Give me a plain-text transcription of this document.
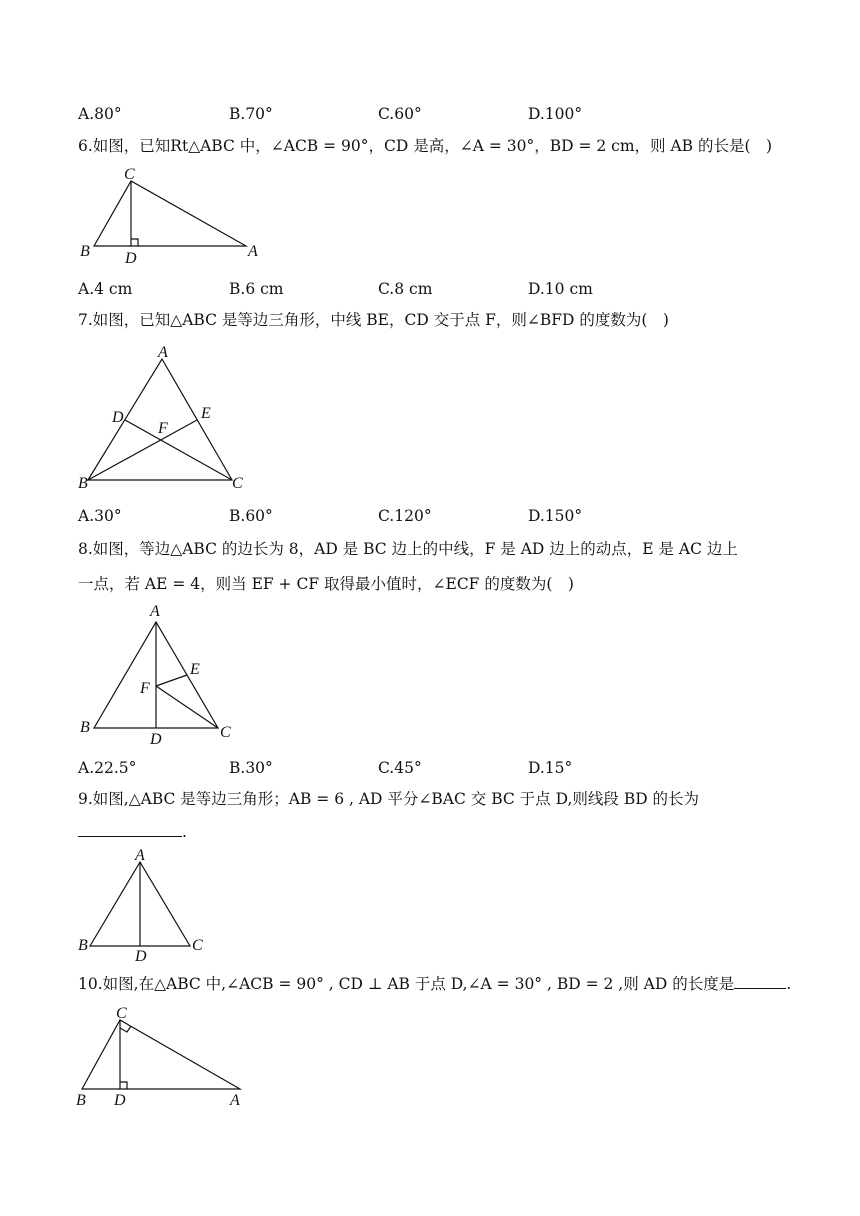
A.80°	B.70°	C.60°	D.100°
6.如图，已知Rt△ABC 中，∠ACB = 90°，CD 是高，∠A = 30°，BD = 2 cm，则 AB 的长是(　)
C
B D	A
A.4 cm	B.6 cm	C.8 cm	D.10 cm
7.如图，已知△ABC 是等边三角形，中线 BE，CD 交于点 F，则∠BFD 的度数为(　)
A
D	E
F
B	C
A.30°	B.60°	C.120°	D.150°
8.如图，等边△ABC 的边长为 8，AD 是 BC 边上的中线，F 是 AD 边上的动点，E 是 AC 边上
一点，若 AE = 4，则当 EF + CF 取得最小值时，∠ECF 的度数为(　)
A
E
F
B
D	C
A.22.5°	B.30°	C.45°	D.15°
9.如图,△ABC 是等边三角形；AB = 6 , AD 平分∠BAC 交 BC 于点 D,则线段 BD 的长为
.
A
B
D
C
10.如图,在△ABC 中,∠ACB = 90° , CD ⊥ AB 于点 D,∠A = 30° , BD = 2 ,则 AD 的长度是	.
C
B D	A
